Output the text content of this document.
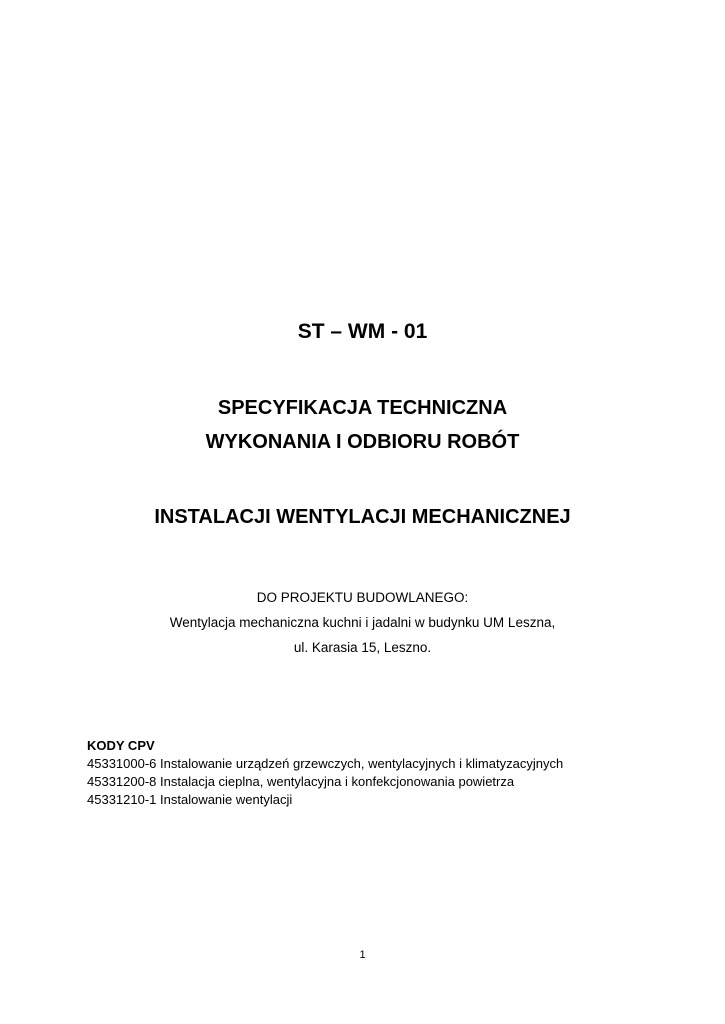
ST – WM - 01
SPECYFIKACJA TECHNICZNA
WYKONANIA I ODBIORU ROBÓT
INSTALACJI WENTYLACJI MECHANICZNEJ
DO PROJEKTU BUDOWLANEGO:
Wentylacja mechaniczna kuchni i jadalni w budynku UM Leszna,
ul. Karasia 15, Leszno.
KODY CPV
45331000-6 Instalowanie urządzeń grzewczych, wentylacyjnych i klimatyzacyjnych
45331200-8 Instalacja cieplna, wentylacyjna i konfekcjonowania powietrza
45331210-1 Instalowanie wentylacji
1
